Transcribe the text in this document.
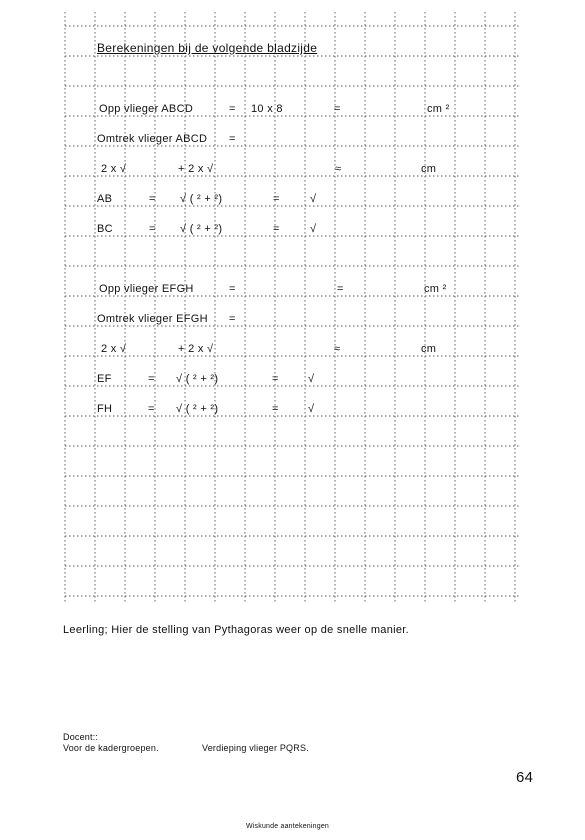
Berekeningen bij de volgende bladzijde
Opp vlieger ABCD	= 10 x 8	=	cm ²
Omtrek vlieger ABCD =
2 x √	+ 2 x √	≈	cm
AB	= √ ( ² + ²)	=	√
BC	= √ ( ² + ²)	=	√
Opp vlieger EFGH	=	=	cm ²
Omtrek vlieger EFGH =
2 x √	+ 2 x √	≈	cm
EF	= √ ( ² + ²)	=	√
FH	= √ ( ² + ²)	=	√
Leerling; Hier de stelling van Pythagoras weer op de snelle manier.
Docent::
Voor de kadergroepen.	Verdieping vlieger PQRS.
64
Wiskunde aantekeningen
